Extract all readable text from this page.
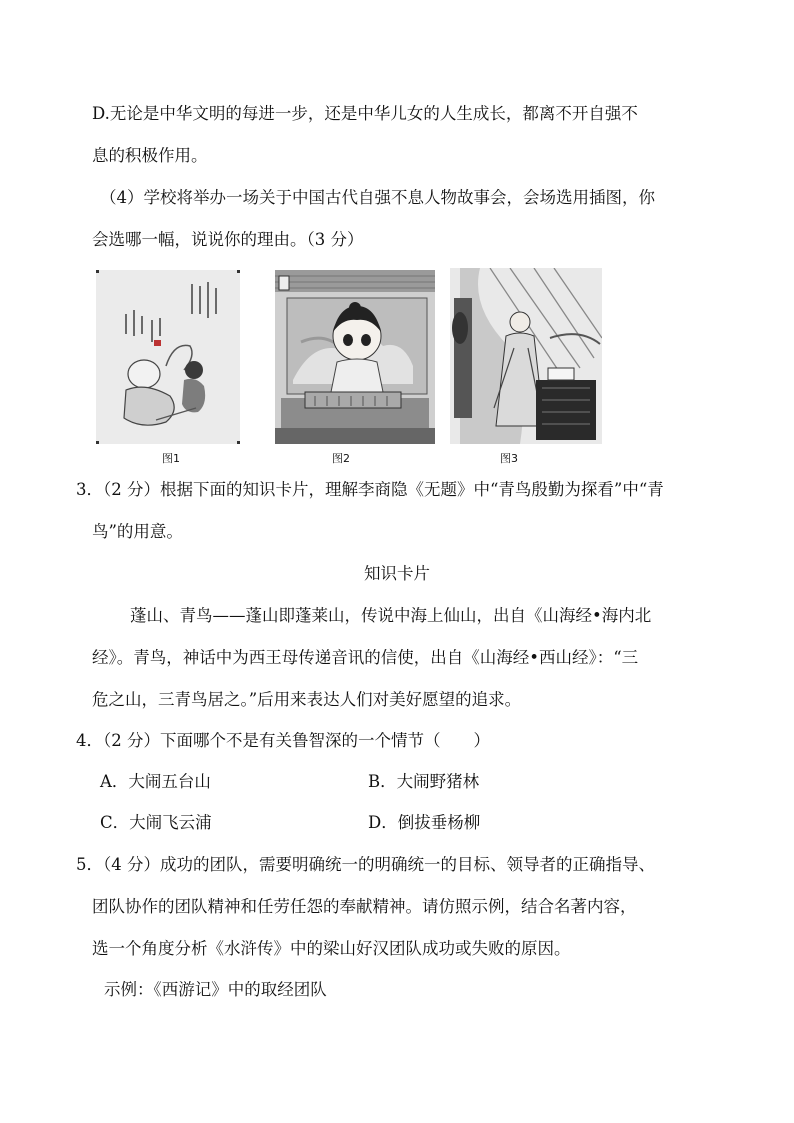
D.无论是中华文明的每进一步，还是中华儿女的人生成长，都离不开自强不
息的积极作用。
（4）学校将举办一场关于中国古代自强不息人物故事会，会场选用插图，你
会选哪一幅，说说你的理由。（3 分）
图1	图2	图3
3．（2 分）根据下面的知识卡片，理解李商隐《无题》中“青鸟殷勤为探看”中“青
鸟”的用意。
知识卡片
蓬山、青鸟——蓬山即蓬莱山，传说中海上仙山，出自《山海经•海内北
经》。青鸟，神话中为西王母传递音讯的信使，出自《山海经•西山经》：“三
危之山，三青鸟居之。”后用来表达人们对美好愿望的追求。
4．（2 分）下面哪个不是有关鲁智深的一个情节（　　）
A．大闹五台山	B．大闹野猪林
C．大闹飞云浦	D．倒拔垂杨柳
5．（4 分）成功的团队，需要明确统一的明确统一的目标、领导者的正确指导、
团队协作的团队精神和任劳任怨的奉献精神。请仿照示例，结合名著内容，
选一个角度分析《水浒传》中的梁山好汉团队成功或失败的原因。
示例：《西游记》中的取经团队
